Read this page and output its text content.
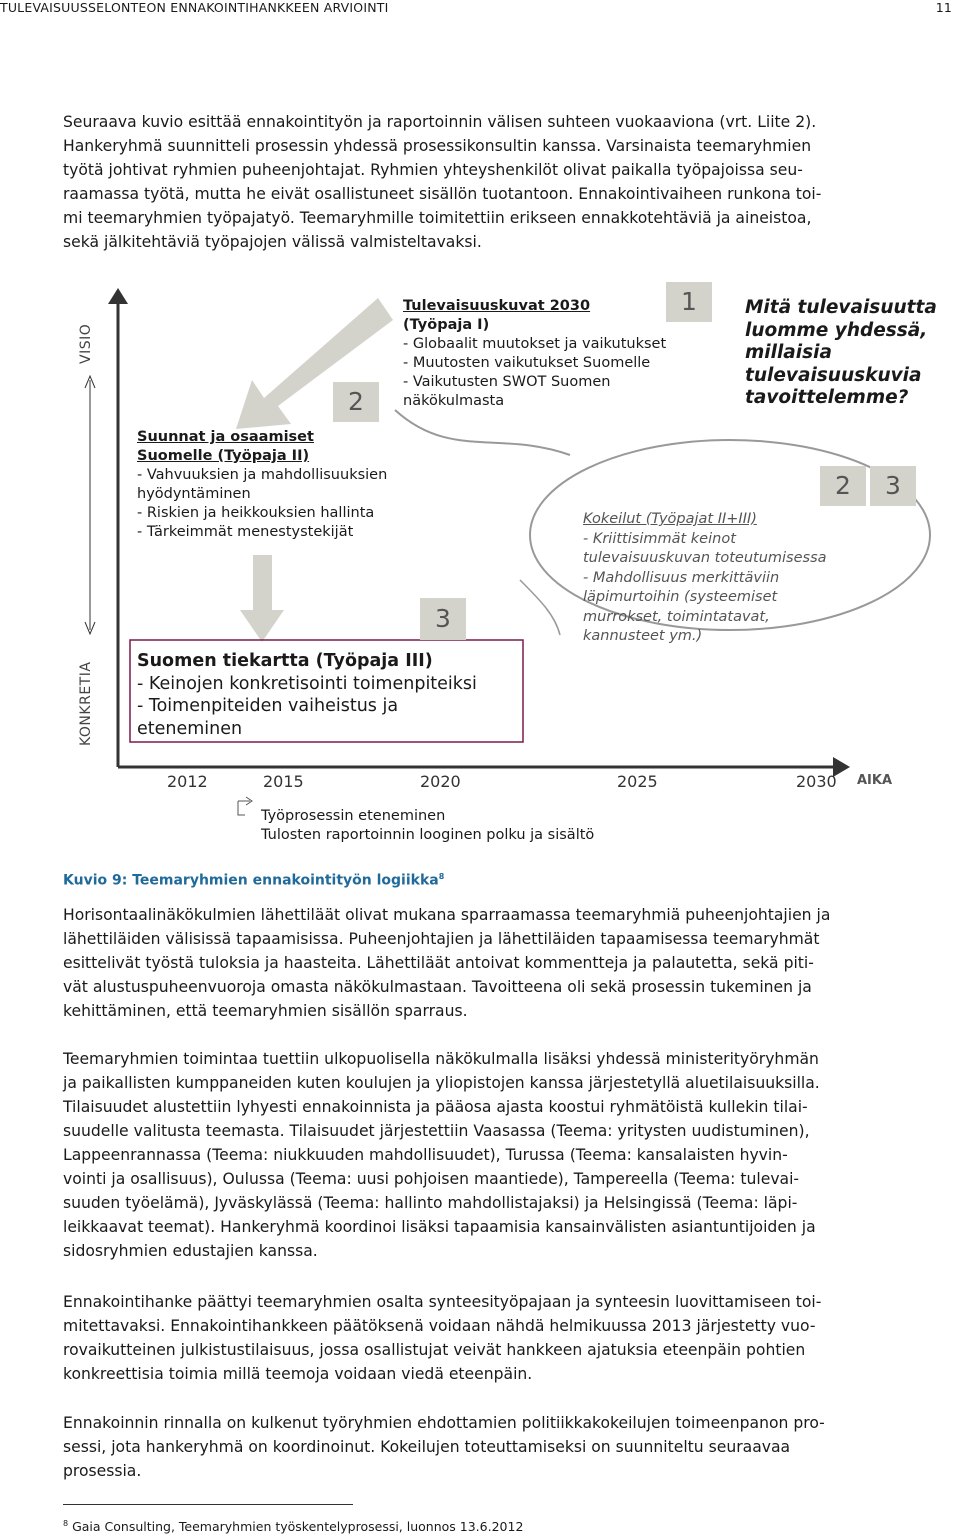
TULEVAISUUSSELONTEON ENNAKOINTIHANKKEEN ARVIOINTI	11
Seuraava kuvio esittää ennakointityön ja raportoinnin välisen suhteen vuokaaviona (vrt. Liite 2).
Hankeryhmä suunnitteli prosessin yhdessä prosessikonsultin kanssa. Varsinaista teemaryhmien
työtä johtivat ryhmien puheenjohtajat. Ryhmien yhteyshenkilöt olivat paikalla työpajoissa seu-
raamassa työtä, mutta he eivät osallistuneet sisällön tuotantoon. Ennakointivaiheen runkona toi-
mi teemaryhmien työpajatyö. Teemaryhmille toimitettiin erikseen ennakkotehtäviä ja aineistoa,
sekä jälkitehtäviä työpajojen välissä valmisteltavaksi.
VISIO
KONKRETIA
Tulevaisuuskuvat 2030
(Työpaja I)
- Globaalit muutokset ja vaikutukset
- Muutosten vaikutukset Suomelle
- Vaikutusten SWOT Suomen
näkökulmasta
1	Mitä tulevaisuutta
luomme yhdessä,
millaisia
tulevaisuuskuvia
tavoittelemme?
2
Suunnat ja osaamiset
Suomelle (Työpaja II)
- Vahvuuksien ja mahdollisuuksien
hyödyntäminen
- Riskien ja heikkouksien hallinta
- Tärkeimmät menestystekijät
2	3
Kokeilut (Työpajat II+III)
- Kriittisimmät keinot
tulevaisuuskuvan toteutumisessa
- Mahdollisuus merkittäviin
läpimurtoihin (systeemiset
murrokset, toimintatavat,
kannusteet ym.)
3
Suomen tiekartta (Työpaja III)
- Keinojen konkretisointi toimenpiteiksi
- Toimenpiteiden vaiheistus ja
eteneminen
2012	2015	2020	2025	2030 AIKA
Työprosessin eteneminen
Tulosten raportoinnin looginen polku ja sisältö
Kuvio 9: Teemaryhmien ennakointityön logiikka$^8$
Horisontaalinäkökulmien lähettiläät olivat mukana sparraamassa teemaryhmiä puheenjohtajien ja
lähettiläiden välisissä tapaamisissa. Puheenjohtajien ja lähettiläiden tapaamisessa teemaryhmät
esittelivät työstä tuloksia ja haasteita. Lähettiläät antoivat kommentteja ja palautetta, sekä piti-
vät alustuspuheenvuoroja omasta näkökulmastaan. Tavoitteena oli sekä prosessin tukeminen ja
kehittäminen, että teemaryhmien sisällön sparraus.
Teemaryhmien toimintaa tuettiin ulkopuolisella näkökulmalla lisäksi yhdessä ministerityöryhmän
ja paikallisten kumppaneiden kuten koulujen ja yliopistojen kanssa järjestetyllä aluetilaisuuksilla.
Tilaisuudet alustettiin lyhyesti ennakoinnista ja pääosa ajasta koostui ryhmätöistä kullekin tilai-
suudelle valitusta teemasta. Tilaisuudet järjestettiin Vaasassa (Teema: yritysten uudistuminen),
Lappeenrannassa (Teema: niukkuuden mahdollisuudet), Turussa (Teema: kansalaisten hyvin-
vointi ja osallisuus), Oulussa (Teema: uusi pohjoisen maantiede), Tampereella (Teema: tulevai-
suuden työelämä), Jyväskylässä (Teema: hallinto mahdollistajaksi) ja Helsingissä (Teema: läpi-
leikkaavat teemat). Hankeryhmä koordinoi lisäksi tapaamisia kansainvälisten asiantuntijoiden ja
sidosryhmien edustajien kanssa.
Ennakointihanke päättyi teemaryhmien osalta synteesityöpajaan ja synteesin luovittamiseen toi-
mitettavaksi. Ennakointihankkeen päätöksenä voidaan nähdä helmikuussa 2013 järjestetty vuo-
rovaikutteinen julkistustilaisuus, jossa osallistujat veivät hankkeen ajatuksia eteenpäin pohtien
konkreettisia toimia millä teemoja voidaan viedä eteenpäin.
Ennakoinnin rinnalla on kulkenut työryhmien ehdottamien politiikkakokeilujen toimeenpanon pro-
sessi, jota hankeryhmä on koordinoinut. Kokeilujen toteuttamiseksi on suunniteltu seuraavaa
prosessia.
$^8$ Gaia Consulting, Teemaryhmien työskentelyprosessi, luonnos 13.6.2012
